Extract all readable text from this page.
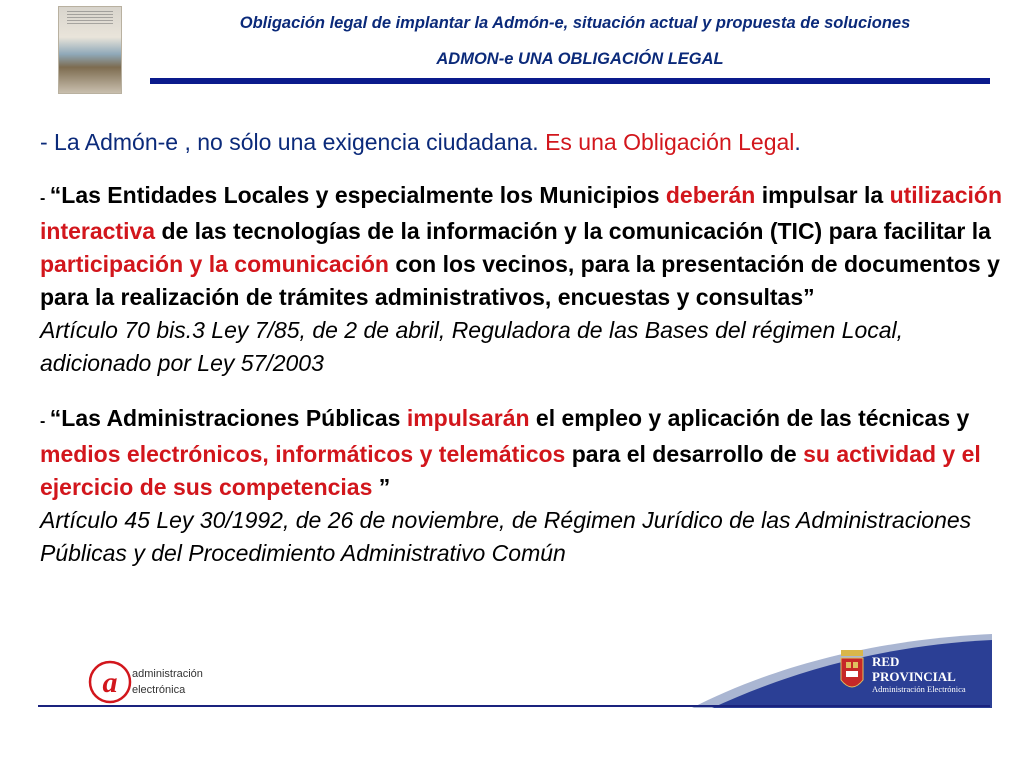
Obligación legal de implantar la Admón-e, situación actual y propuesta de soluciones
ADMON-e UNA OBLIGACIÓN LEGAL

- La Admón-e , no sólo una exigencia ciudadana. Es una Obligación Legal.

- “Las Entidades Locales y especialmente los Municipios deberán impulsar la utilización interactiva de las tecnologías de la información y la comunicación (TIC) para facilitar la participación y la comunicación con los vecinos, para la presentación de documentos y para la realización de trámites administrativos, encuestas y consultas”

Artículo 70 bis.3 Ley 7/85, de 2 de abril, Reguladora de las Bases del régimen Local, adicionado por Ley 57/2003

- “Las Administraciones Públicas impulsarán el empleo y aplicación de las técnicas y medios electrónicos, informáticos y telemáticos para el desarrollo de su actividad y el ejercicio de sus competencias ”

Artículo 45 Ley 30/1992, de 26 de noviembre, de Régimen Jurídico de las Administraciones Públicas y del Procedimiento Administrativo Común

a administración
electrónica
RED
PROVINCIAL
Administración Electrónica
